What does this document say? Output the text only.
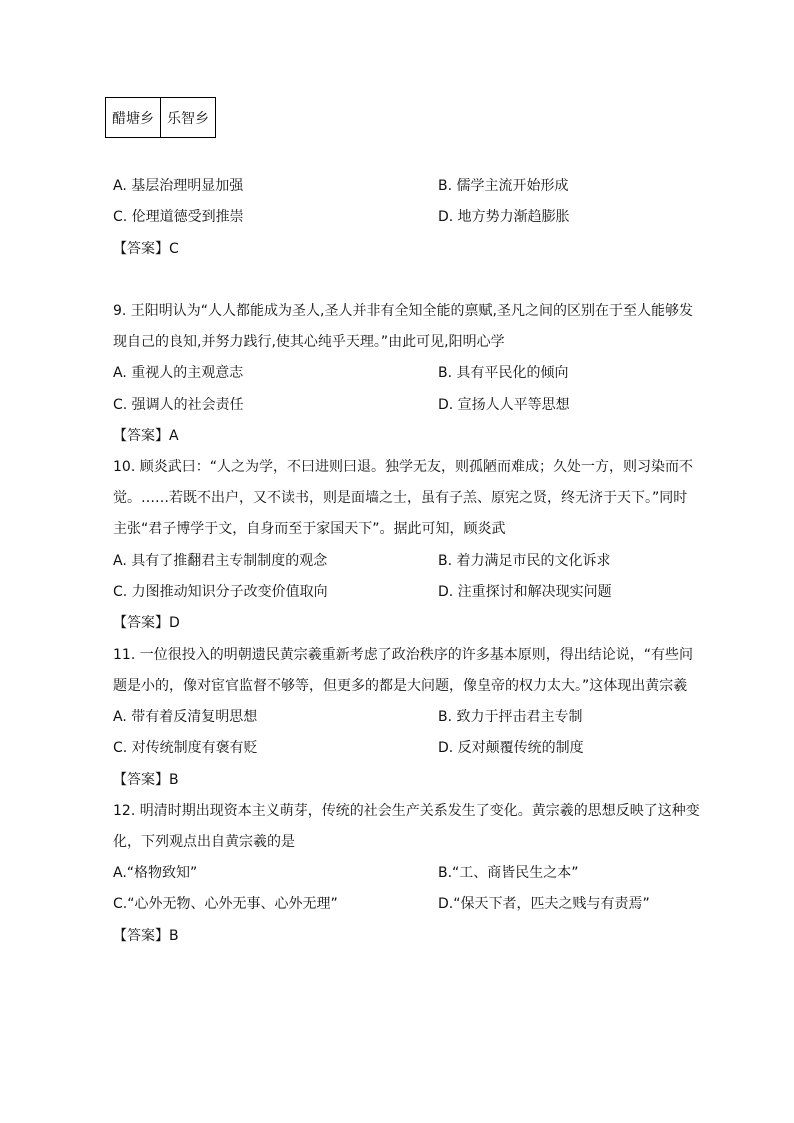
醋塘乡	乐智乡
A. 基层治理明显加强	B. 儒学主流开始形成
C. 伦理道德受到推崇	D. 地方势力渐趋膨胀
【答案】C
9. 王阳明认为“人人都能成为圣人,圣人并非有全知全能的禀赋,圣凡之间的区别在于至人能够发
现自己的良知,并努力践行,使其心纯乎天理。”由此可见,阳明心学
A. 重视人的主观意志	B. 具有平民化的倾向
C. 强调人的社会责任	D. 宣扬人人平等思想
【答案】A
10. 顾炎武曰：“人之为学，不曰进则曰退。独学无友，则孤陋而难成；久处一方，则习染而不
觉。……若既不出户，又不读书，则是面墙之士，虽有子羔、原宪之贤，终无济于天下。”同时
主张“君子博学于文，自身而至于家国天下”。据此可知，顾炎武
A. 具有了推翻君主专制制度的观念	B. 着力满足市民的文化诉求
C. 力图推动知识分子改变价值取向	D. 注重探讨和解决现实问题
【答案】D
11. 一位很投入的明朝遗民黄宗羲重新考虑了政治秩序的许多基本原则，得出结论说，“有些问
题是小的，像对宦官监督不够等，但更多的都是大问题，像皇帝的权力太大。”这体现出黄宗羲
A. 带有着反清复明思想	B. 致力于抨击君主专制
C. 对传统制度有褒有贬	D. 反对颠覆传统的制度
【答案】B
12. 明清时期出现资本主义萌芽，传统的社会生产关系发生了变化。黄宗羲的思想反映了这种变
化，下列观点出自黄宗羲的是
A.“格物致知”	B.“工、商皆民生之本”
C.“心外无物、心外无事、心外无理”	D.“保天下者，匹夫之贱与有责焉”
【答案】B
